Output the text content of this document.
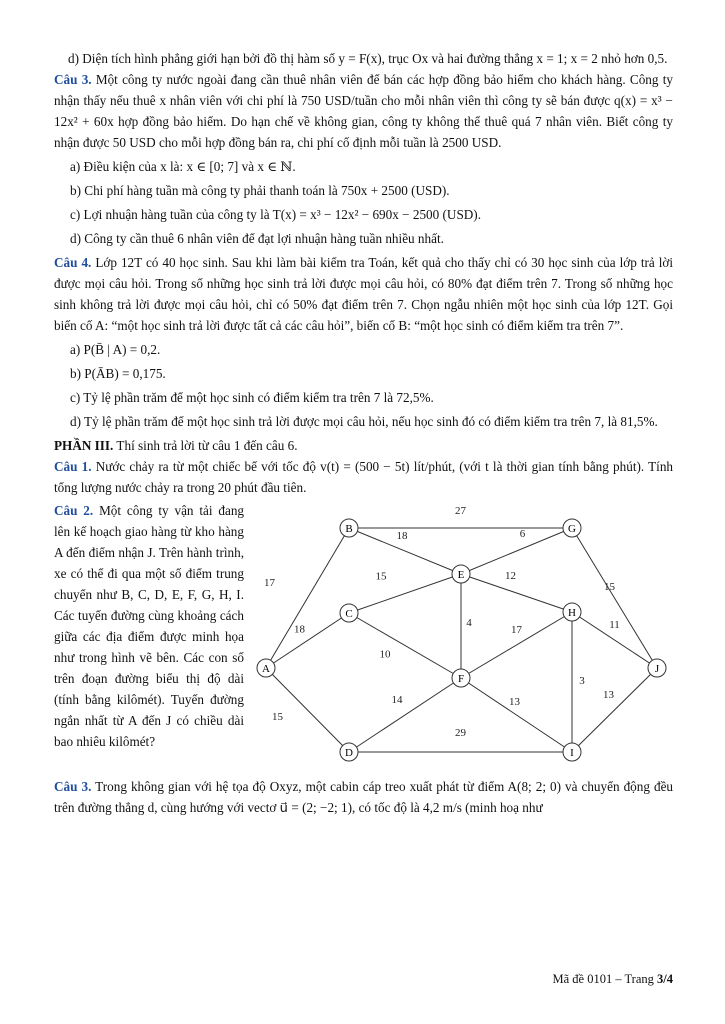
d) Diện tích hình phẳng giới hạn bởi đồ thị hàm số y = F(x), trục Ox và hai đường thẳng x = 1; x = 2 nhỏ hơn 0,5.

Câu 3. Một công ty nước ngoài đang cần thuê nhân viên để bán các hợp đồng bảo hiểm cho khách hàng. Công ty nhận thấy nếu thuê x nhân viên với chi phí là 750 USD/tuần cho mỗi nhân viên thì công ty sẽ bán được q(x) = x³ − 12x² + 60x hợp đồng bảo hiểm. Do hạn chế về không gian, công ty không thể thuê quá 7 nhân viên. Biết công ty nhận được 50 USD cho mỗi hợp đồng bán ra, chi phí cố định mỗi tuần là 2500 USD.

a) Điều kiện của x là: x ∈ [0; 7] và x ∈ ℕ.

b) Chi phí hàng tuần mà công ty phải thanh toán là 750x + 2500 (USD).

c) Lợi nhuận hàng tuần của công ty là T(x) = x³ − 12x² − 690x − 2500 (USD).

d) Công ty cần thuê 6 nhân viên để đạt lợi nhuận hàng tuần nhiều nhất.

Câu 4. Lớp 12T có 40 học sinh. Sau khi làm bài kiểm tra Toán, kết quả cho thấy chỉ có 30 học sinh của lớp trả lời được mọi câu hỏi. Trong số những học sinh trả lời được mọi câu hỏi, có 80% đạt điểm trên 7. Trong số những học sinh không trả lời được mọi câu hỏi, chỉ có 50% đạt điểm trên 7. Chọn ngẫu nhiên một học sinh của lớp 12T. Gọi biến cố A: “một học sinh trả lời được tất cả các câu hỏi”, biến cố B: “một học sinh có điểm kiểm tra trên 7”.

a) P(B̄ | A) = 0,2.

b) P(ĀB) = 0,175.

c) Tỷ lệ phần trăm để một học sinh có điểm kiểm tra trên 7 là 72,5%.

d) Tỷ lệ phần trăm để một học sinh trả lời được mọi câu hỏi, nếu học sinh đó có điểm kiểm tra trên 7, là 81,5%.

PHẦN III. Thí sinh trả lời từ câu 1 đến câu 6.

Câu 1. Nước chảy ra từ một chiếc bể với tốc độ v(t) = (500 − 5t) lít/phút, (với t là thời gian tính bằng phút). Tính tổng lượng nước chảy ra trong 20 phút đầu tiên.

Câu 2. Một công ty vận tải đang lên kế hoạch giao hàng từ kho hàng A đến điểm nhận J. Trên hành trình, xe có thể đi qua một số điểm trung chuyển như B, C, D, E, F, G, H, I. Các tuyến đường cùng khoảng cách giữa các địa điểm được minh họa như trong hình vẽ bên. Các con số trên đoạn đường biểu thị độ dài (tính bằng kilômét). Tuyến đường ngắn nhất từ A đến J có chiều dài bao nhiêu kilômét?

17
18
15
27
18
15
10
6
12
4
15
17	11
3
14	13
29
13
A
B
C
D
E
F
G
H
I
J

Câu 3. Trong không gian với hệ tọa độ Oxyz, một cabin cáp treo xuất phát từ điểm A(8; 2; 0) và chuyển động đều trên đường thẳng d, cùng hướng với vectơ u⃗ = (2; −2; 1), có tốc độ là 4,2 m/s (minh hoạ như

Mã đề 0101 – Trang 3/4
